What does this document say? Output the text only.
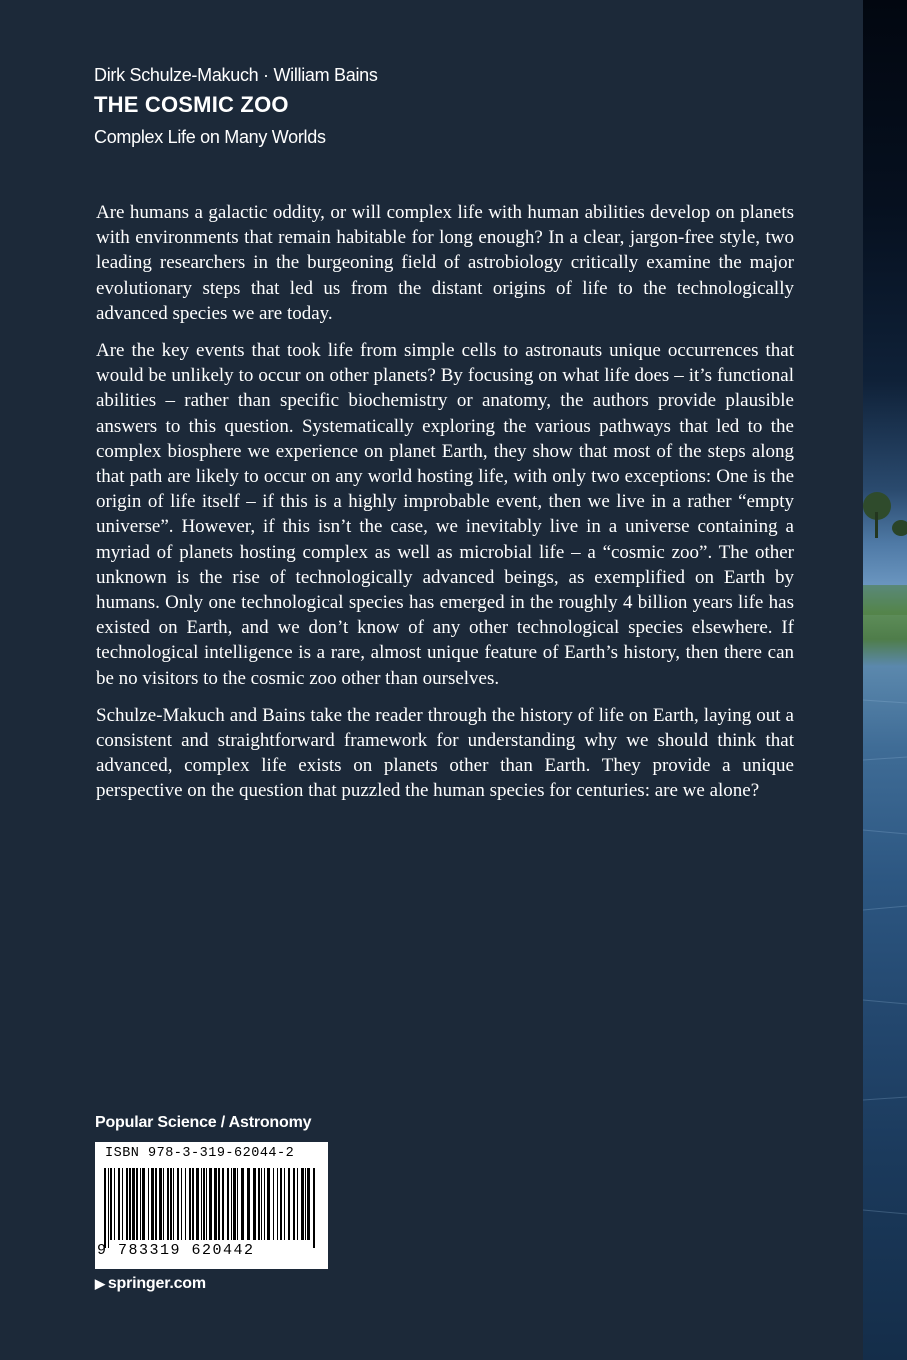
Dirk Schulze-Makuch · William Bains
THE COSMIC ZOO
Complex Life on Many Worlds

Are humans a galactic oddity, or will complex life with human abilities develop on planets with environments that remain habitable for long enough? In a clear, jargon-free style, two leading researchers in the burgeoning field of astrobiology critically examine the major evolutionary steps that led us from the distant origins of life to the technologically advanced species we are today.

Are the key events that took life from simple cells to astronauts unique occurrences that would be unlikely to occur on other planets? By focusing on what life does – it’s functional abilities – rather than specific biochemistry or anatomy, the authors provide plausible answers to this question. Systematically exploring the various pathways that led to the complex biosphere we experience on planet Earth, they show that most of the steps along that path are likely to occur on any world hosting life, with only two exceptions: One is the origin of life itself – if this is a highly improbable event, then we live in a rather “empty universe”. However, if this isn’t the case, we inevitably live in a universe containing a myriad of planets hosting complex as well as microbial life – a “cosmic zoo”. The other unknown is the rise of technologically advanced beings, as exemplified on Earth by humans. Only one technological species has emerged in the roughly 4 billion years life has existed on Earth, and we don’t know of any other technological species elsewhere. If technological intelligence is a rare, almost unique feature of Earth’s history, then there can be no visitors to the cosmic zoo other than ourselves.

Schulze-Makuch and Bains take the reader through the history of life on Earth, laying out a consistent and straightforward framework for understanding why we should think that advanced, complex life exists on planets other than Earth. They provide a unique perspective on the question that puzzled the human species for centuries: are we alone?

Popular Science / Astronomy
ISBN 978-3-319-62044-2
9 783319 620442
▶ springer.com
